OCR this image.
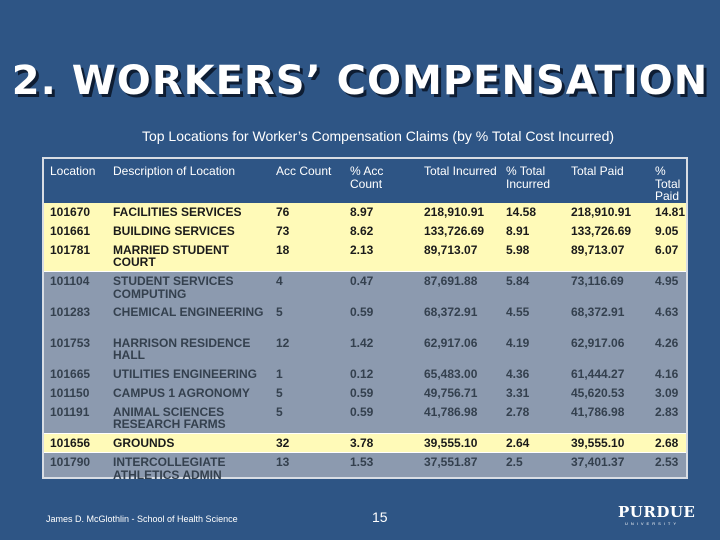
2. WORKERS’ COMPENSATION
Top Locations for Worker’s Compensation Claims (by % Total Cost Incurred)
Location	Description of Location	Acc Count	% Acc Count	Total Incurred	% Total Incurred	Total Paid	% Total Paid
101670	FACILITIES SERVICES	76	8.97	218,910.91	14.58	218,910.91	14.81
101661	BUILDING SERVICES	73	8.62	133,726.69	8.91	133,726.69	9.05
101781	MARRIED STUDENT COURT	18	2.13	89,713.07	5.98	89,713.07	6.07
101104	STUDENT SERVICES COMPUTING	4	0.47	87,691.88	5.84	73,116.69	4.95
101283	CHEMICAL ENGINEERING	5	0.59	68,372.91	4.55	68,372.91	4.63
101753	HARRISON RESIDENCE HALL	12	1.42	62,917.06	4.19	62,917.06	4.26
101665	UTILITIES ENGINEERING	1	0.12	65,483.00	4.36	61,444.27	4.16
101150	CAMPUS 1 AGRONOMY	5	0.59	49,756.71	3.31	45,620.53	3.09
101191	ANIMAL SCIENCES RESEARCH FARMS	5	0.59	41,786.98	2.78	41,786.98	2.83
101656	GROUNDS	32	3.78	39,555.10	2.64	39,555.10	2.68
101790	INTERCOLLEGIATE ATHLETICS ADMIN	13	1.53	37,551.87	2.5	37,401.37	2.53
James D. McGlothlin - School of Health Science	15	PURDUE
UNIVERSITY
